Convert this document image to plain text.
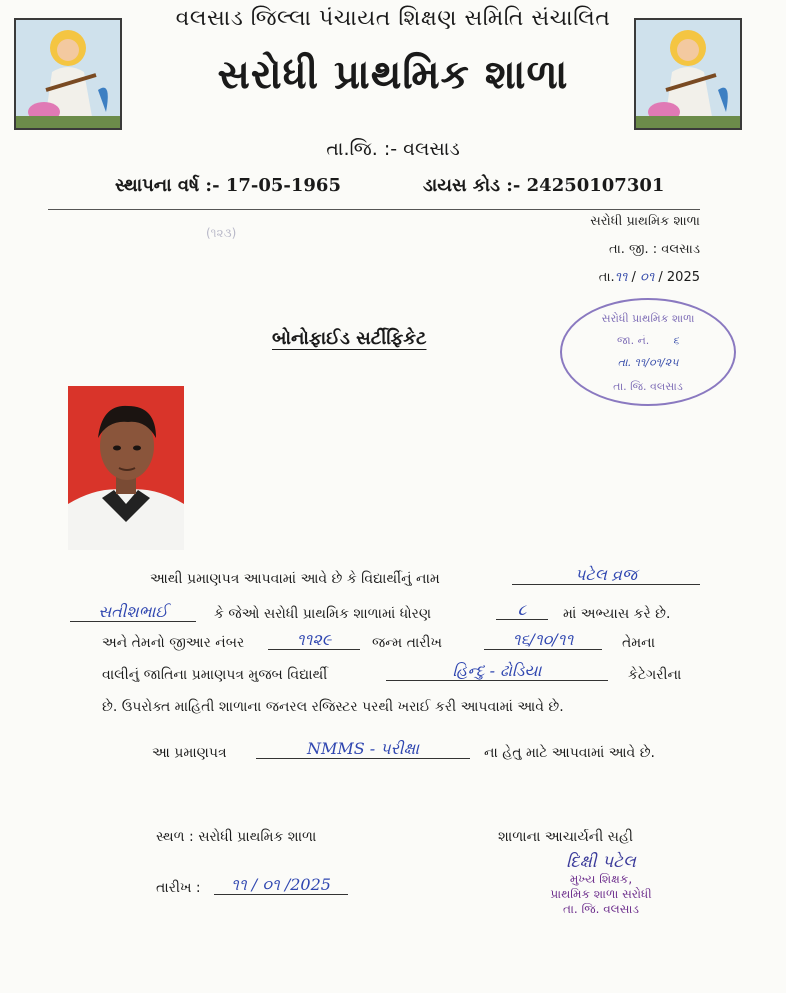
વલસાડ જિલ્લા પંચાયત શિક્ષણ સમિતિ સંચાલિત
સરોધી પ્રાથમિક શાળા
તા.જિ. :- વલસાડ
સ્થાપના વર્ષ :- 17-05-1965	ડાયસ કોડ :- 24250107301
સરોધી પ્રાથમિક શાળા
તા. જી. : વલસાડ
તા.૧૧ / ૦૧ / 2025
(૧૨૩)
બોનોફાઈડ સર્ટીફિકેટ
સરોધી પ્રાથમિક શાળા
જા. નં. ૬
તા. ૧૧/૦૧/૨૫
તા. જિ. વલસાડ
આથી પ્રમાણપત્ર આપવામાં આવે છે કે વિદ્યાર્થીનું નામ	પટેલ વ્રજ
સતીશભાઈ	કે જેઓ સરોધી પ્રાથમિક શાળામાં ધોરણ	૮	માં અભ્યાસ કરે છે.
અને તેમનો જીઆર નંબર	૧૧૨૯	જન્મ તારીખ	૧૬/૧૦/૧૧	તેમના
વાલીનું જાતિના પ્રમાણપત્ર મુજબ વિદ્યાર્થી	હિન્દુ - ઢોડિયા	કેટેગરીના
છે. ઉપરોક્ત માહિતી શાળાના જનરલ રજિસ્ટર પરથી ખરાઈ કરી આપવામાં આવે છે.
આ પ્રમાણપત્ર	NMMS - પરીક્ષા	ના હેતુ માટે આપવામાં આવે છે.
સ્થળ : સરોધી પ્રાથમિક શાળા	શાળાના આચાર્યની સહી
તારીખ :	૧૧ / ૦૧ /2025
દિક્ષી પટેલ
મુખ્ય શિક્ષક,
પ્રાથમિક શાળા સરોધી
તા. જિ. વલસાડ
